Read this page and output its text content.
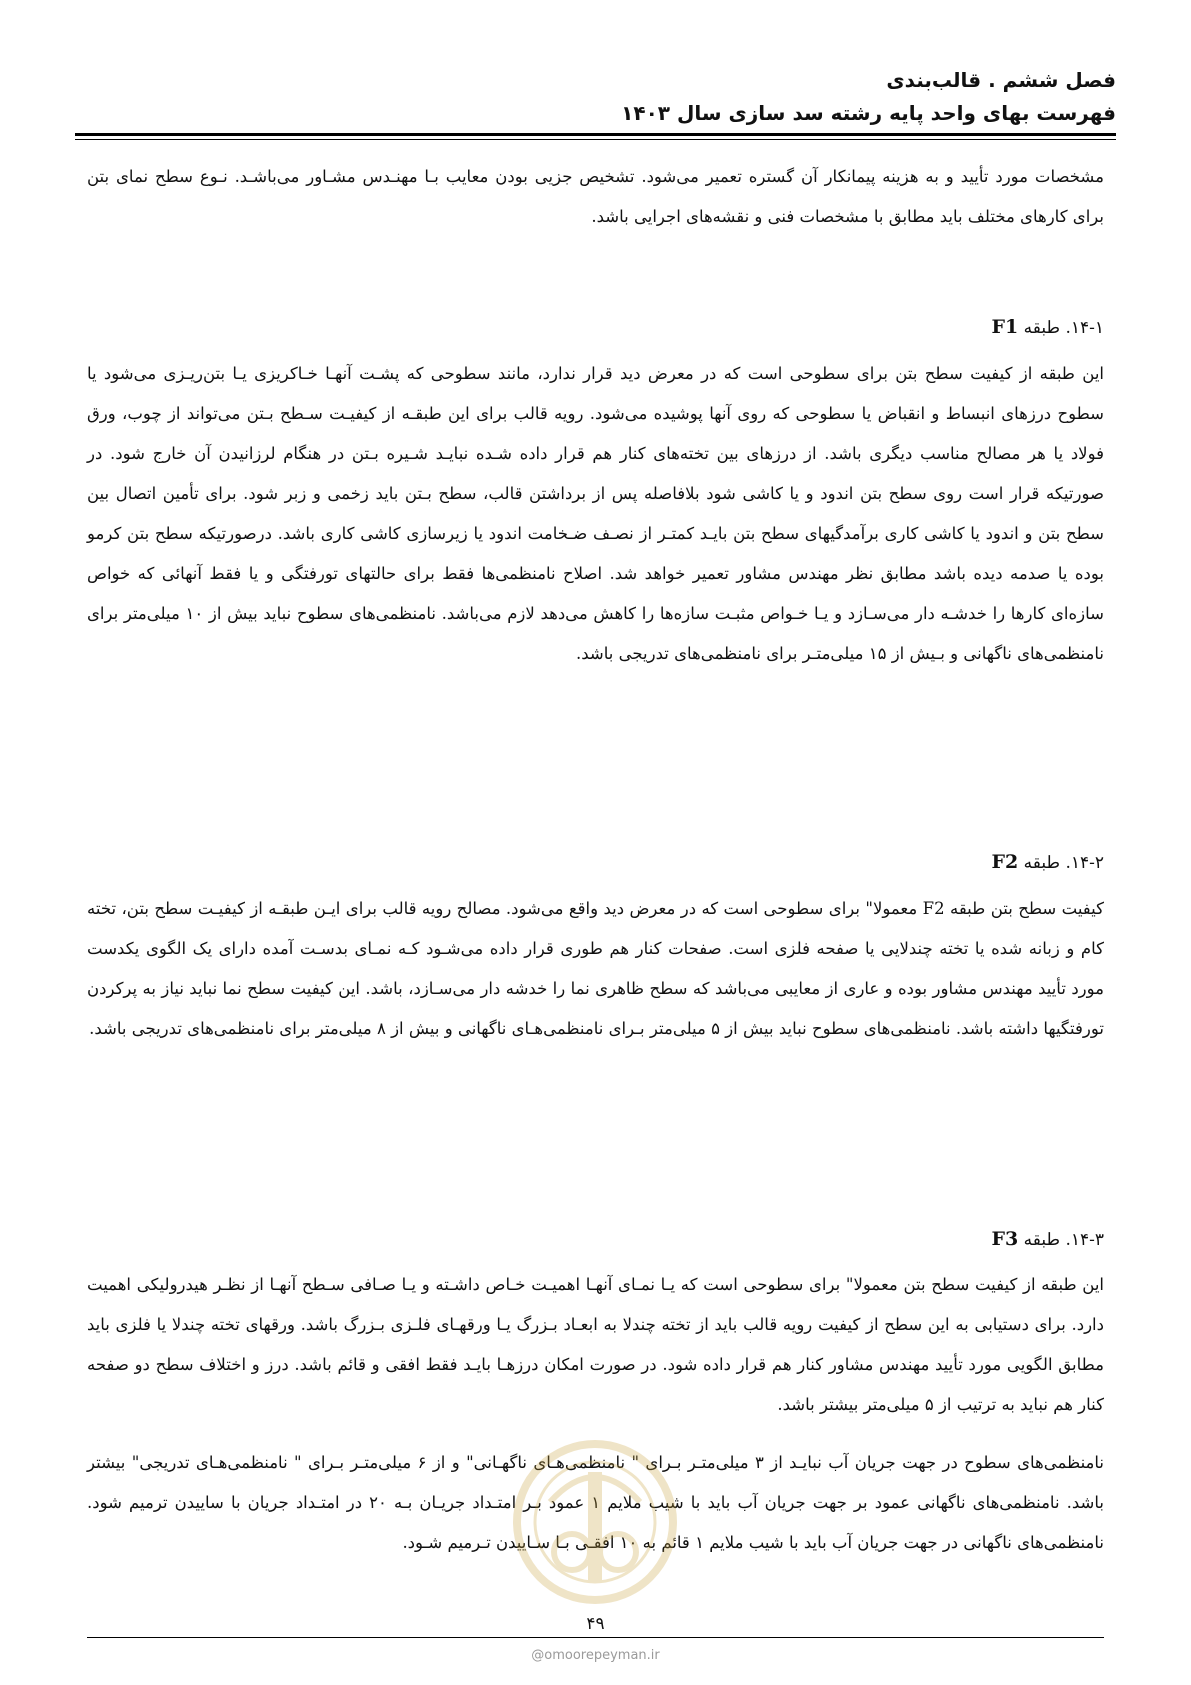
فصل ششم . قالب‌بندی

فهرست بهای واحد پایه رشته سد سازی سال ۱۴۰۳

مشخصات مورد تأیید و به هزینه پیمانکار آن گستره تعمیر می‌شود. تشخیص جزیی بودن معایب بـا مهنـدس مشـاور می‌باشـد. نـوع سطح نمای بتن برای کارهای مختلف باید مطابق با مشخصات فنی و نقشه‌های اجرایی باشد.
۱۴-۱. طبقه F1
این طبقه از کیفیت سطح بتن برای سطوحی است که در معرض دید قرار ندارد، مانند سطوحی که پشـت آنهـا خـاکریزی یـا بتن‌ریـزی می‌شود یا سطوح درزهای انبساط و انقباض یا سطوحی که روی آنها پوشیده می‌شود. رویه قالب برای این طبقـه از کیفیـت سـطح بـتن می‌تواند از چوب، ورق فولاد یا هر مصالح مناسب دیگری باشد. از درزهای بین تخته‌های کنار هم قرار داده شـده نبایـد شـیره بـتن در هنگام لرزانیدن آن خارج شود. در صورتیکه قرار است روی سطح بتن اندود و یا کاشی شود بلافاصله پس از برداشتن قالب، سطح بـتن باید زخمی و زبر شود. برای تأمین اتصال بین سطح بتن و اندود یا کاشی کاری برآمدگیهای سطح بتن بایـد کمتـر از نصـف ضـخامت اندود یا زیرسازی کاشی کاری باشد. درصورتیکه سطح بتن کرمو بوده یا صدمه دیده باشد مطابق نظر مهندس مشاور تعمیر خواهد شد. اصلاح نامنظمی‌ها فقط برای حالتهای تورفتگی و یا فقط آنهائی که خواص سازه‌ای کارها را خدشـه دار می‌سـازد و یـا خـواص مثبـت سازه‌ها را کاهش می‌دهد لازم می‌باشد. نامنظمی‌های سطوح نباید بیش از ۱۰ میلی‌متر برای نامنظمی‌های ناگهانی و بـیش از ۱۵ میلی‌متـر برای نامنظمی‌های تدریجی باشد.
۱۴-۲. طبقه F2
کیفیت سطح بتن طبقه F2 معمولا" برای سطوحی است که در معرض دید واقع می‌شود. مصالح رویه قالب برای ایـن طبقـه از کیفیـت سطح بتن، تخته کام و زبانه شده یا تخته چندلایی یا صفحه فلزی است. صفحات کنار هم طوری قرار داده می‌شـود کـه نمـای بدسـت آمده دارای یک الگوی یکدست مورد تأیید مهندس مشاور بوده و عاری از معایبی می‌باشد که سطح ظاهری نما را خدشه دار می‌سـازد، باشد. این کیفیت سطح نما نباید نیاز به پرکردن تورفتگیها داشته باشد. نامنظمی‌های سطوح نباید بیش از ۵ میلی‌متر بـرای نامنظمی‌هـای ناگهانی و بیش از ۸ میلی‌متر برای نامنظمی‌های تدریجی باشد.
۱۴-۳. طبقه F3
این طبقه از کیفیت سطح بتن معمولا" برای سطوحی است که یـا نمـای آنهـا اهمیـت خـاص داشـته و یـا صـافی سـطح آنهـا از نظـر هیدرولیکی اهمیت دارد. برای دستیابی به این سطح از کیفیت رویه قالب باید از تخته چندلا به ابعـاد بـزرگ یـا ورقهـای فلـزی بـزرگ باشد. ورقهای تخته چندلا یا فلزی باید مطابق الگویی مورد تأیید مهندس مشاور کنار هم قرار داده شود. در صورت امکان درزهـا بایـد فقط افقی و قائم باشد. درز و اختلاف سطح دو صفحه کنار هم نباید به ترتیب از ۵ میلی‌متر بیشتر باشد.
نامنظمی‌های سطوح در جهت جریان آب نبایـد از ۳ میلی‌متـر بـرای " نامنظمی‌هـای ناگهـانی" و از ۶ میلی‌متـر بـرای " نامنظمی‌هـای تدریجی" بیشتر باشد. نامنظمی‌های ناگهانی عمود بر جهت جریان آب باید با شیب ملایم ۱ عمود بـر امتـداد جریـان بـه ۲۰ در امتـداد جریان با ساییدن ترمیم شود. نامنظمی‌های ناگهانی در جهت جریان آب باید با شیب ملایم ۱ قائم به ۱۰ افقـی بـا سـاییدن تـرمیم شـود.
۴۹
@omoorepeyman.ir
